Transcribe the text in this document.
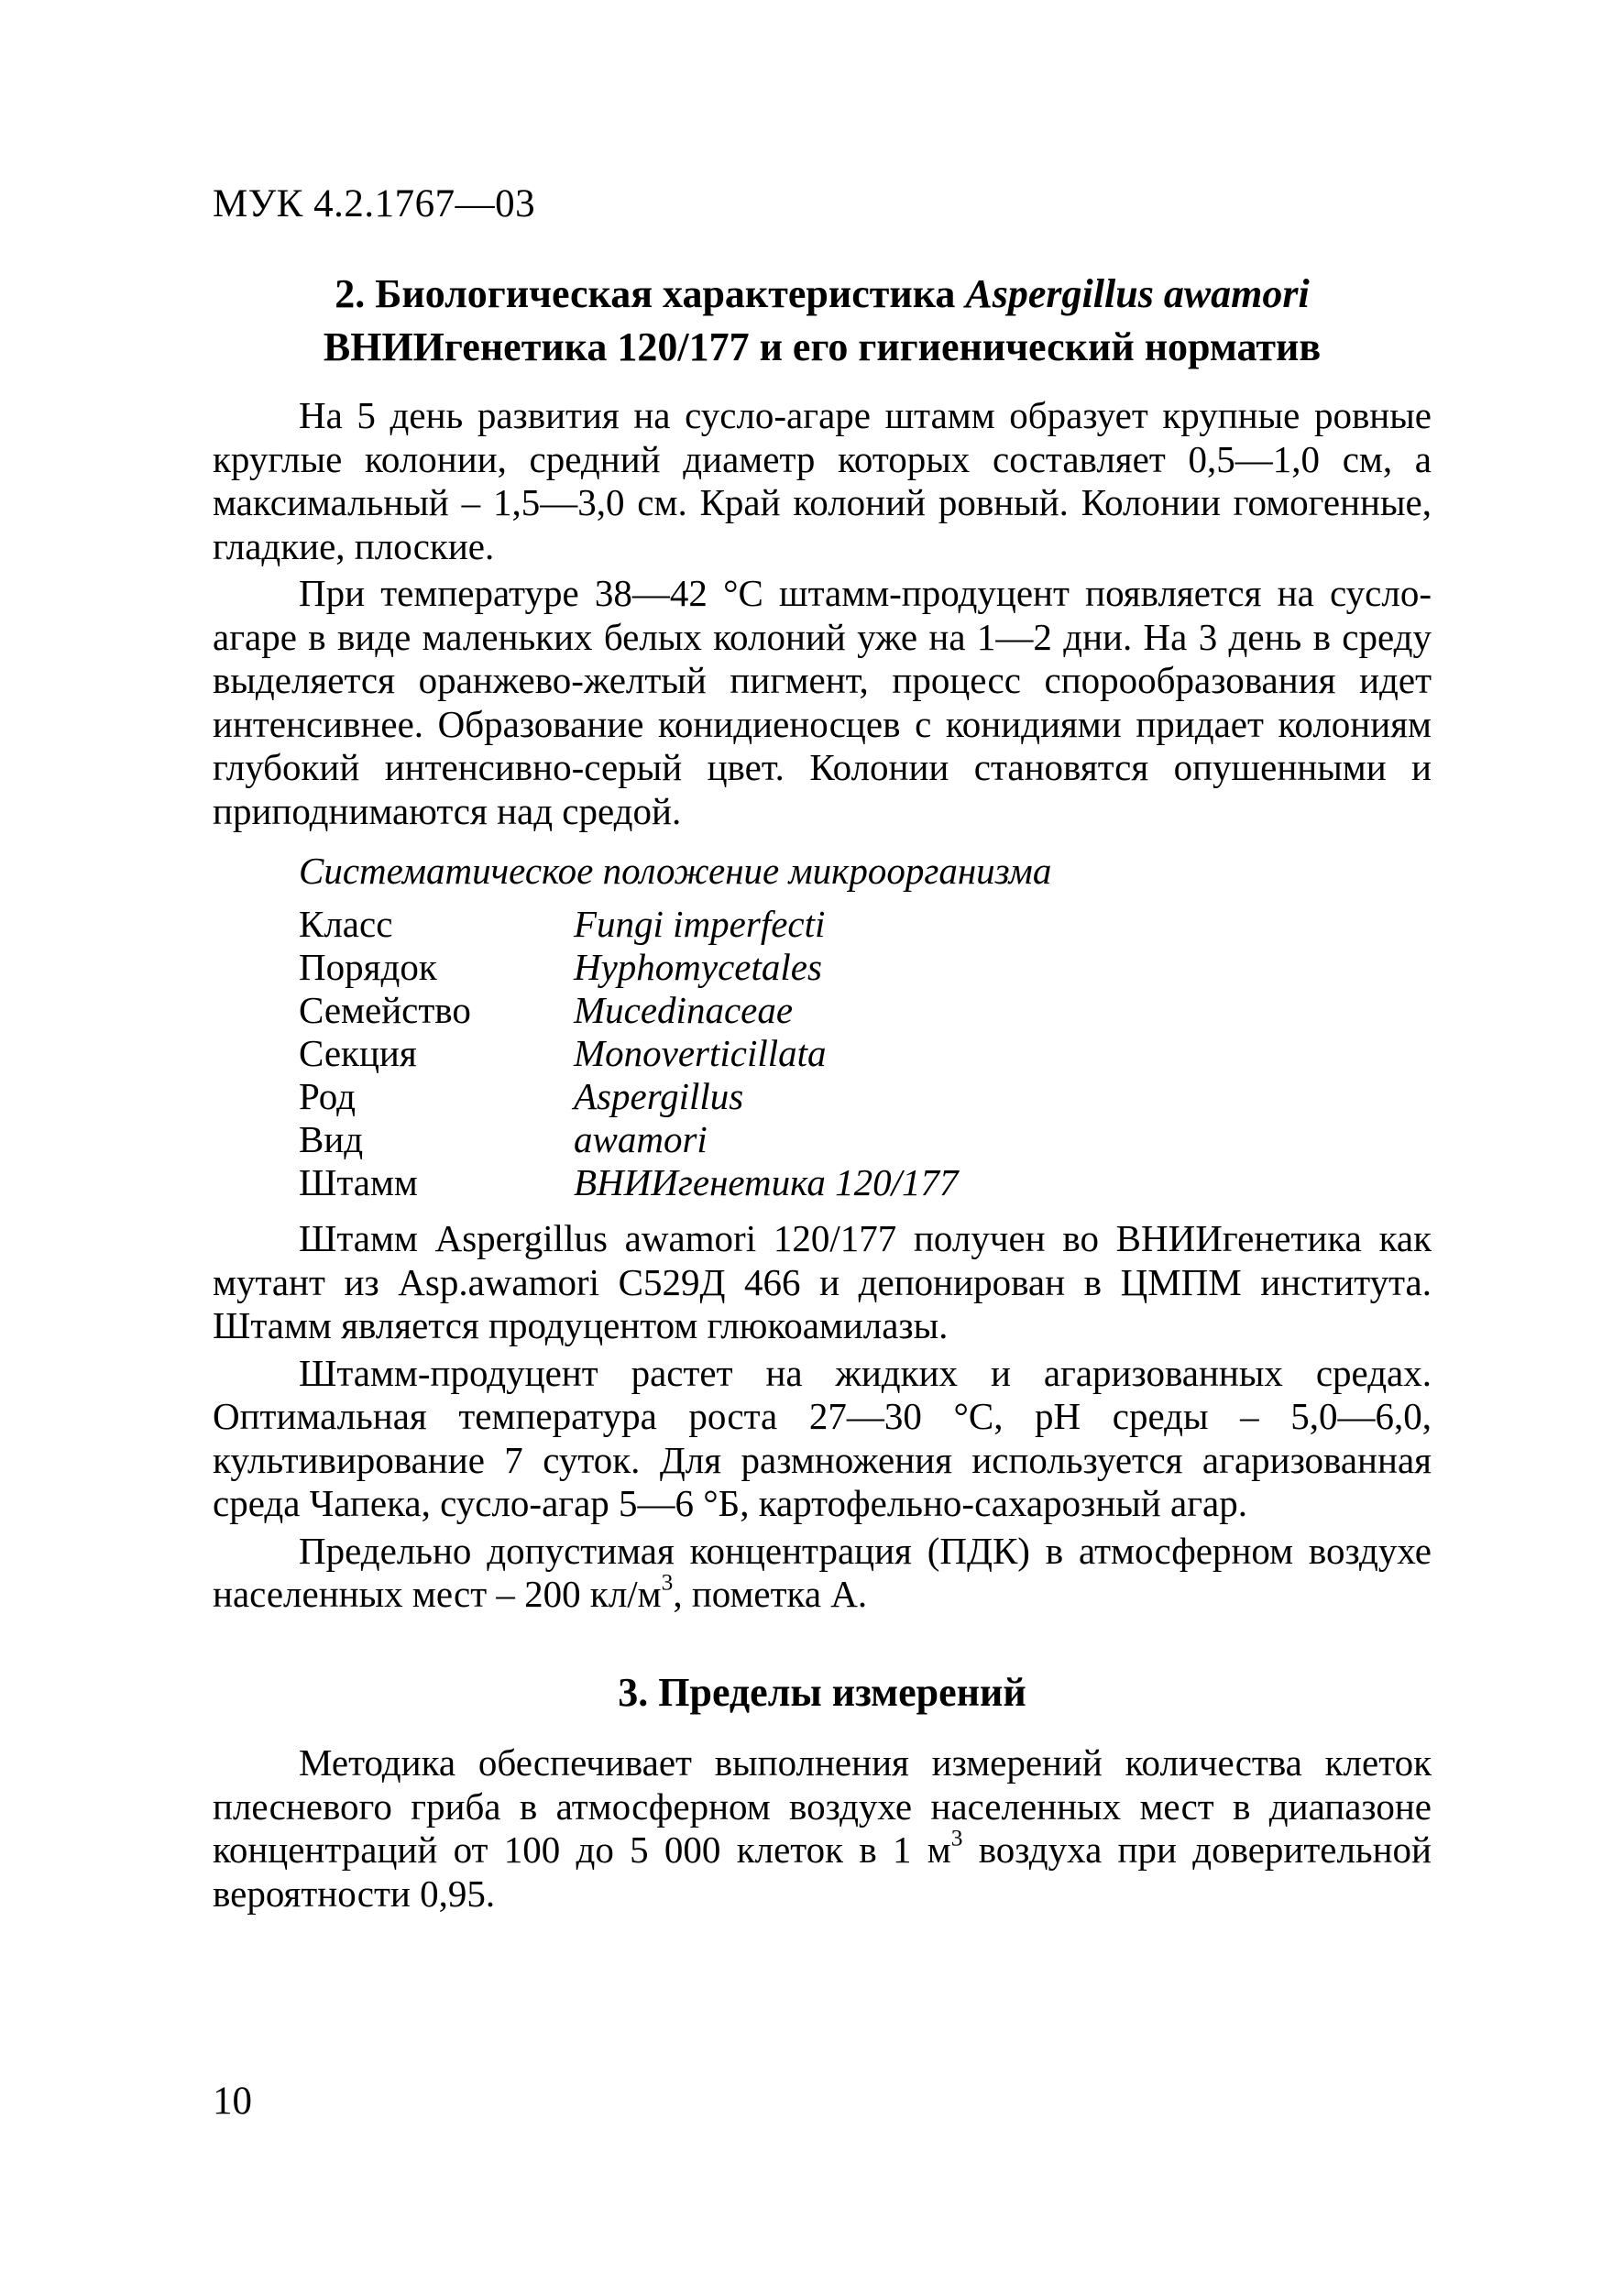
МУК 4.2.1767—03
2. Биологическая характеристика Aspergillus awamori
ВНИИгенетика 120/177 и его гигиенический норматив

На 5 день развития на сусло-агаре штамм образует крупные ровные круглые колонии, средний диаметр которых составляет 0,5—1,0 см, а максимальный – 1,5—3,0 см. Край колоний ровный. Колонии гомогенные, гладкие, плоские.

При температуре 38—42 °С штамм-продуцент появляется на сусло-агаре в виде маленьких белых колоний уже на 1—2 дни. На 3 день в среду выделяется оранжево-желтый пигмент, процесс спорообразования идет интенсивнее. Образование конидиеносцев с конидиями придает колониям глубокий интенсивно-серый цвет. Колонии становятся опушенными и приподнимаются над средой.

Систематическое положение микроорганизма
Класс	Fungi imperfecti
Порядок	Hyphomycetales
Семейство	Mucedinaceae
Секция	Monoverticillata
Род	Aspergillus
Вид	awamori
Штамм	ВНИИгенетика 120/177

Штамм Aspergillus awamori 120/177 получен во ВНИИгенетика как мутант из Asp.awamori С529Д 466 и депонирован в ЦМПМ института. Штамм является продуцентом глюкоамилазы.

Штамм-продуцент растет на жидких и агаризованных средах. Оптимальная температура роста 27—30 °С, pH среды – 5,0—6,0, культивирование 7 суток. Для размножения используется агаризованная среда Чапека, сусло-агар 5—6 °Б, картофельно-сахарозный агар.

Предельно допустимая концентрация (ПДК) в атмосферном воздухе населенных мест – 200 $кл/м^3$, пометка А.

3. Пределы измерений

Методика обеспечивает выполнения измерений количества клеток плесневого гриба в атмосферном воздухе населенных мест в диапазоне концентраций от 100 до 5 000 клеток в 1 $м^3$ воздуха при доверительной вероятности 0,95.

10
